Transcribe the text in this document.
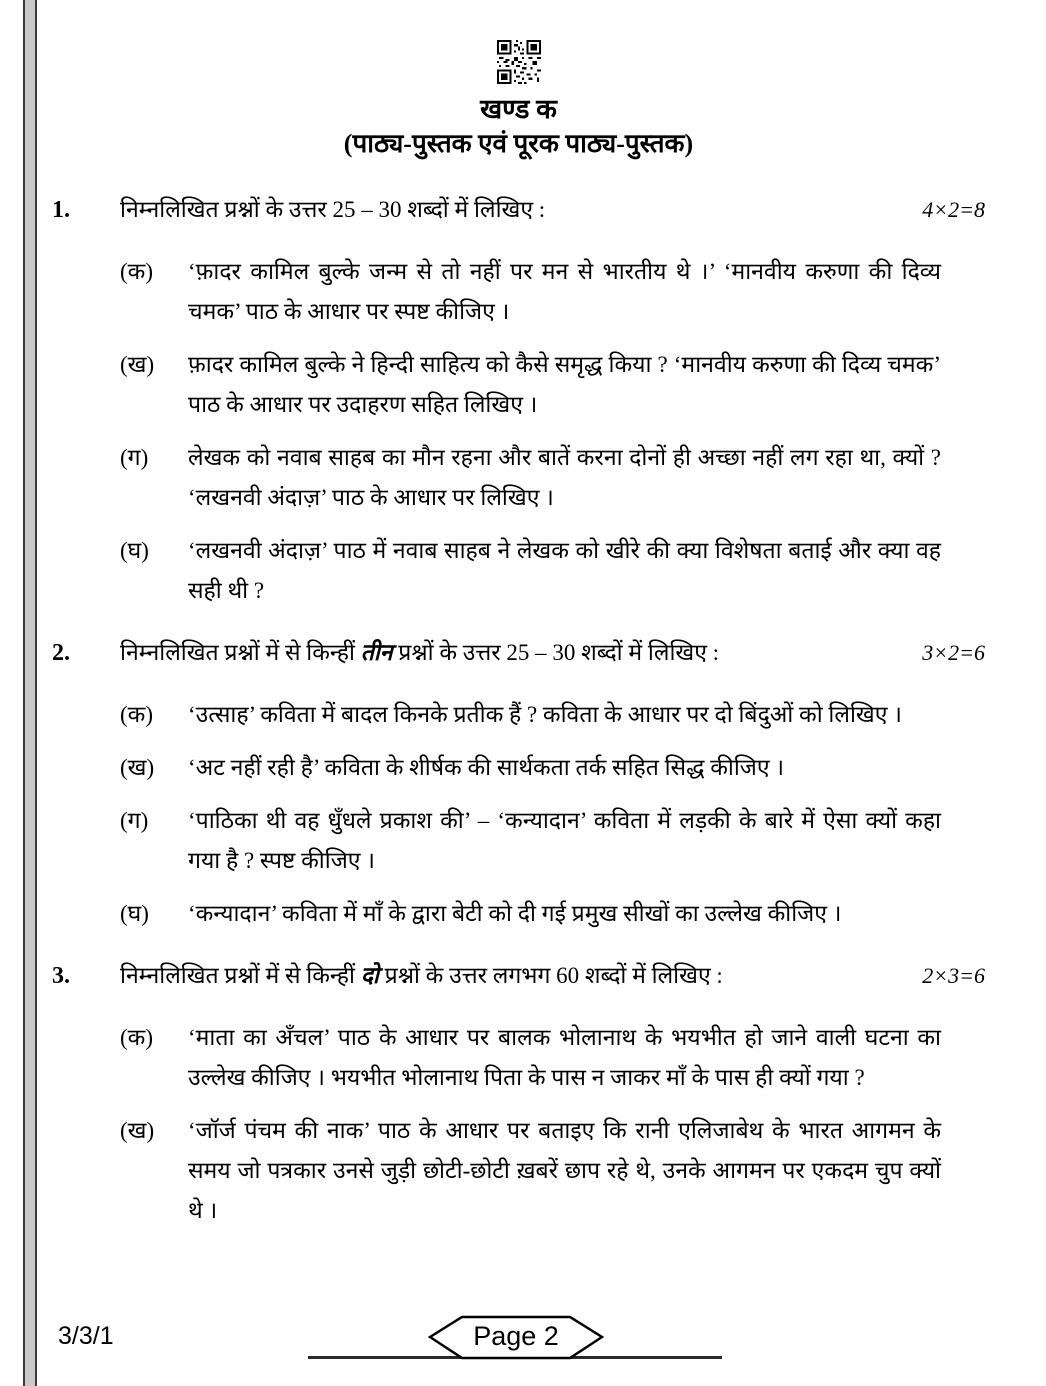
खण्ड क
(पाठ्य-पुस्तक एवं पूरक पाठ्य-पुस्तक)
1.	निम्नलिखित प्रश्नों के उत्तर 25 – 30 शब्दों में लिखिए :	4×2=8
(क)	‘फ़ादर कामिल बुल्के जन्म से तो नहीं पर मन से भारतीय थे ।’ ‘मानवीय करुणा की दिव्य चमक’ पाठ के आधार पर स्पष्ट कीजिए ।
(ख)	फ़ादर कामिल बुल्के ने हिन्दी साहित्य को कैसे समृद्ध किया ? ‘मानवीय करुणा की दिव्य चमक’ पाठ के आधार पर उदाहरण सहित लिखिए ।
(ग)	लेखक को नवाब साहब का मौन रहना और बातें करना दोनों ही अच्छा नहीं लग रहा था, क्यों ? ‘लखनवी अंदाज़’ पाठ के आधार पर लिखिए ।
(घ)	‘लखनवी अंदाज़’ पाठ में नवाब साहब ने लेखक को खीरे की क्या विशेषता बताई और क्या वह सही थी ?
2.	निम्नलिखित प्रश्नों में से किन्हीं तीन प्रश्नों के उत्तर 25 – 30 शब्दों में लिखिए :	3×2=6
(क)	‘उत्साह’ कविता में बादल किनके प्रतीक हैं ? कविता के आधार पर दो बिंदुओं को लिखिए ।
(ख)	‘अट नहीं रही है’ कविता के शीर्षक की सार्थकता तर्क सहित सिद्ध कीजिए ।
(ग)	‘पाठिका थी वह धुँधले प्रकाश की’ – ‘कन्यादान’ कविता में लड़की के बारे में ऐसा क्यों कहा गया है ? स्पष्ट कीजिए ।
(घ)	‘कन्यादान’ कविता में माँ के द्वारा बेटी को दी गई प्रमुख सीखों का उल्लेख कीजिए ।
3.	निम्नलिखित प्रश्नों में से किन्हीं दो प्रश्नों के उत्तर लगभग 60 शब्दों में लिखिए :	2×3=6
(क)	‘माता का अँचल’ पाठ के आधार पर बालक भोलानाथ के भयभीत हो जाने वाली घटना का उल्लेख कीजिए । भयभीत भोलानाथ पिता के पास न जाकर माँ के पास ही क्यों गया ?
(ख)	‘जॉर्ज पंचम की नाक’ पाठ के आधार पर बताइए कि रानी एलिजाबेथ के भारत आगमन के समय जो पत्रकार उनसे जुड़ी छोटी-छोटी ख़बरें छाप रहे थे, उनके आगमन पर एकदम चुप क्यों थे ।
3/3/1	Page 2
